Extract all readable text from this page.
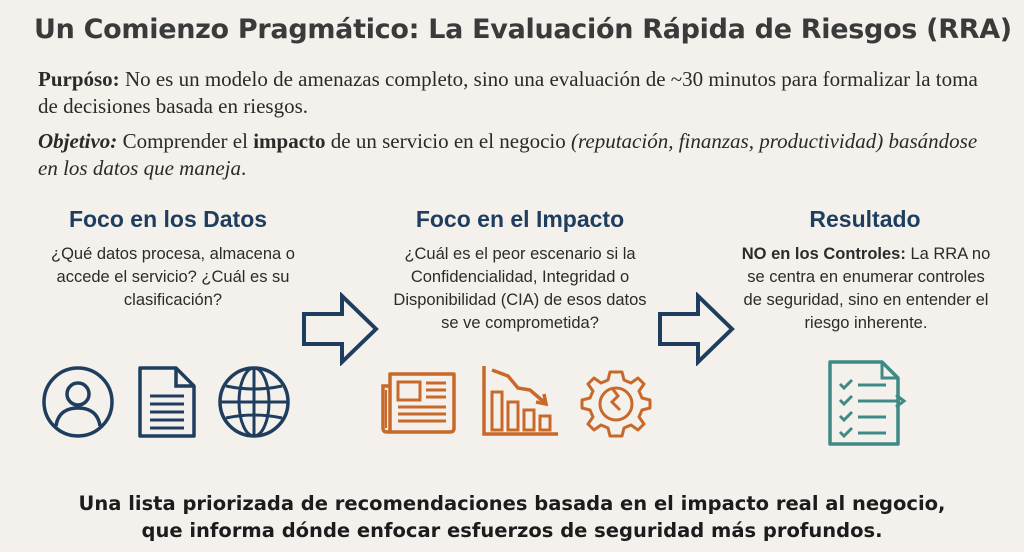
Un Comienzo Pragmático: La Evaluación Rápida de Riesgos (RRA)
Purpóso: No es un modelo de amenazas completo, sino una evaluación de ~30 minutos para formalizar la toma de decisiones basada en riesgos.
Objetivo: Comprender el impacto de un servicio en el negocio (reputación, finanzas, productividad) basándose en los datos que maneja.
Foco en los Datos
¿Qué datos procesa, almacena o accede el servicio? ¿Cuál es su clasificación?
Foco en el Impacto
¿Cuál es el peor escenario si la Confidencialidad, Integridad o Disponibilidad (CIA) de esos datos se ve comprometida?
Resultado
NO en los Controles: La RRA no se centra en enumerar controles de seguridad, sino en entender el riesgo inherente.
Una lista priorizada de recomendaciones basada en el impacto real al negocio,
que informa dónde enfocar esfuerzos de seguridad más profundos.
